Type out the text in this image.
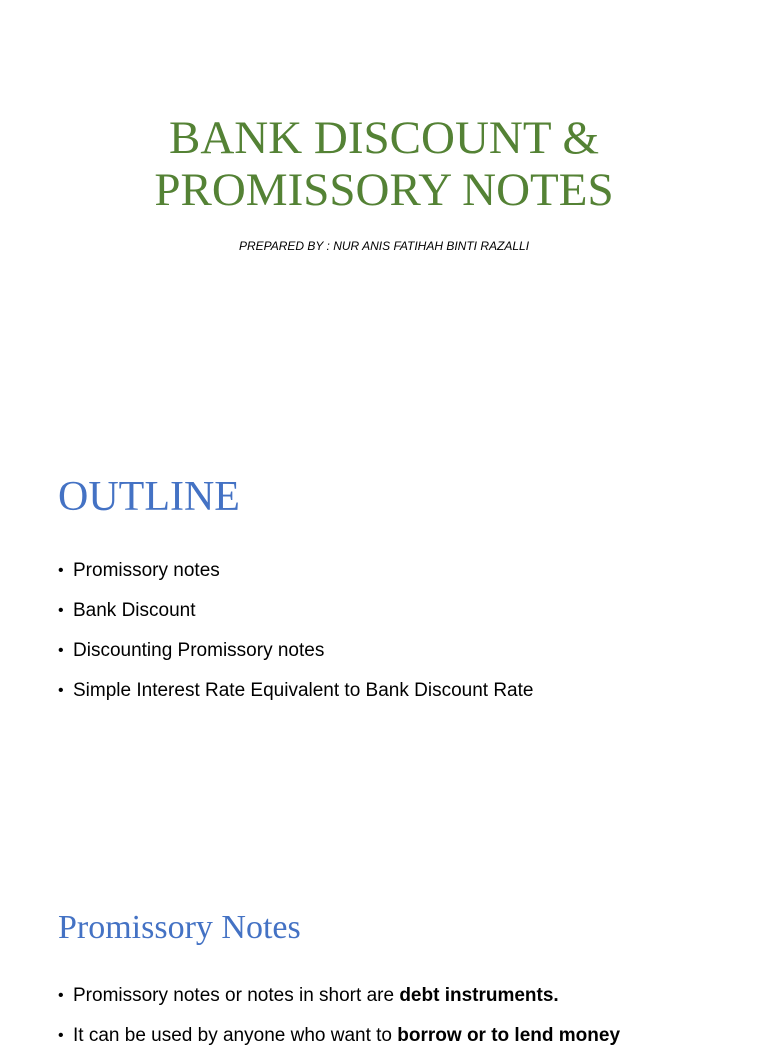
BANK DISCOUNT &
PROMISSORY NOTES
PREPARED BY : NUR ANIS FATIHAH BINTI RAZALLI
OUTLINE
• Promissory notes
• Bank Discount
• Discounting Promissory notes
• Simple Interest Rate Equivalent to Bank Discount Rate
Promissory Notes
• Promissory notes or notes in short are debt instruments.
• It can be used by anyone who want to borrow or to lend money
